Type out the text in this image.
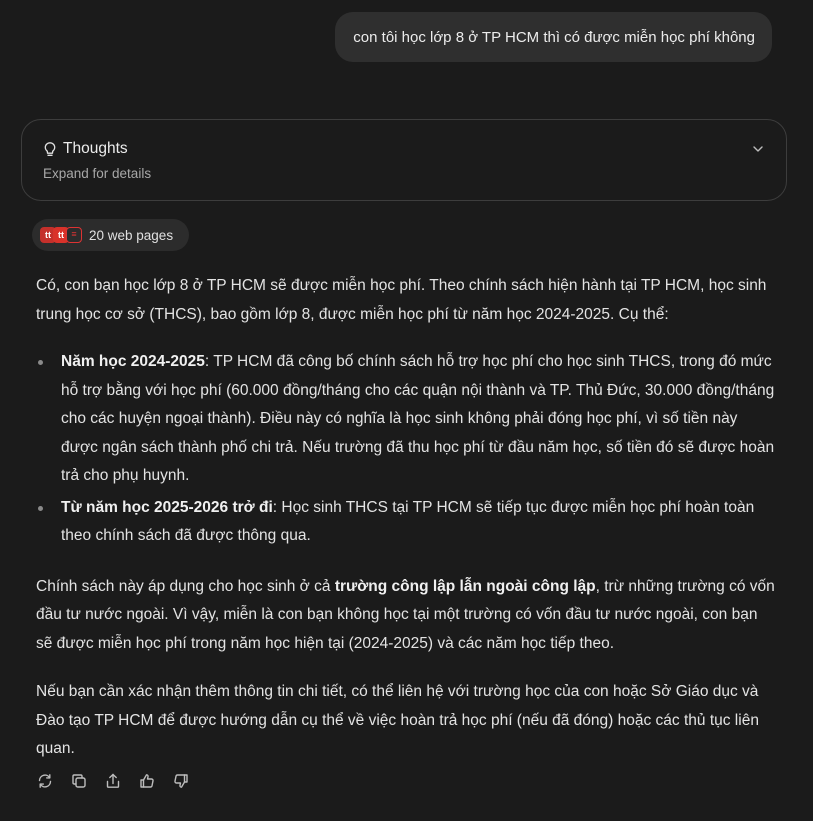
con tôi học lớp 8 ở TP HCM thì có được miễn học phí không
Thoughts
Expand for details
tt tt ≡ 20 web pages

Có, con bạn học lớp 8 ở TP HCM sẽ được miễn học phí. Theo chính sách hiện hành tại TP HCM, học sinh trung học cơ sở (THCS), bao gồm lớp 8, được miễn học phí từ năm học 2024-2025. Cụ thể:

Năm học 2024-2025: TP HCM đã công bố chính sách hỗ trợ học phí cho học sinh THCS, trong đó mức hỗ trợ bằng với học phí (60.000 đồng/tháng cho các quận nội thành và TP. Thủ Đức, 30.000 đồng/tháng cho các huyện ngoại thành). Điều này có nghĩa là học sinh không phải đóng học phí, vì số tiền này được ngân sách thành phố chi trả. Nếu trường đã thu học phí từ đầu năm học, số tiền đó sẽ được hoàn trả cho phụ huynh.
Từ năm học 2025-2026 trở đi: Học sinh THCS tại TP HCM sẽ tiếp tục được miễn học phí hoàn toàn theo chính sách đã được thông qua.

Chính sách này áp dụng cho học sinh ở cả trường công lập lẫn ngoài công lập, trừ những trường có vốn đầu tư nước ngoài. Vì vậy, miễn là con bạn không học tại một trường có vốn đầu tư nước ngoài, con bạn sẽ được miễn học phí trong năm học hiện tại (2024-2025) và các năm học tiếp theo.

Nếu bạn cần xác nhận thêm thông tin chi tiết, có thể liên hệ với trường học của con hoặc Sở Giáo dục và Đào tạo TP HCM để được hướng dẫn cụ thể về việc hoàn trả học phí (nếu đã đóng) hoặc các thủ tục liên quan.
